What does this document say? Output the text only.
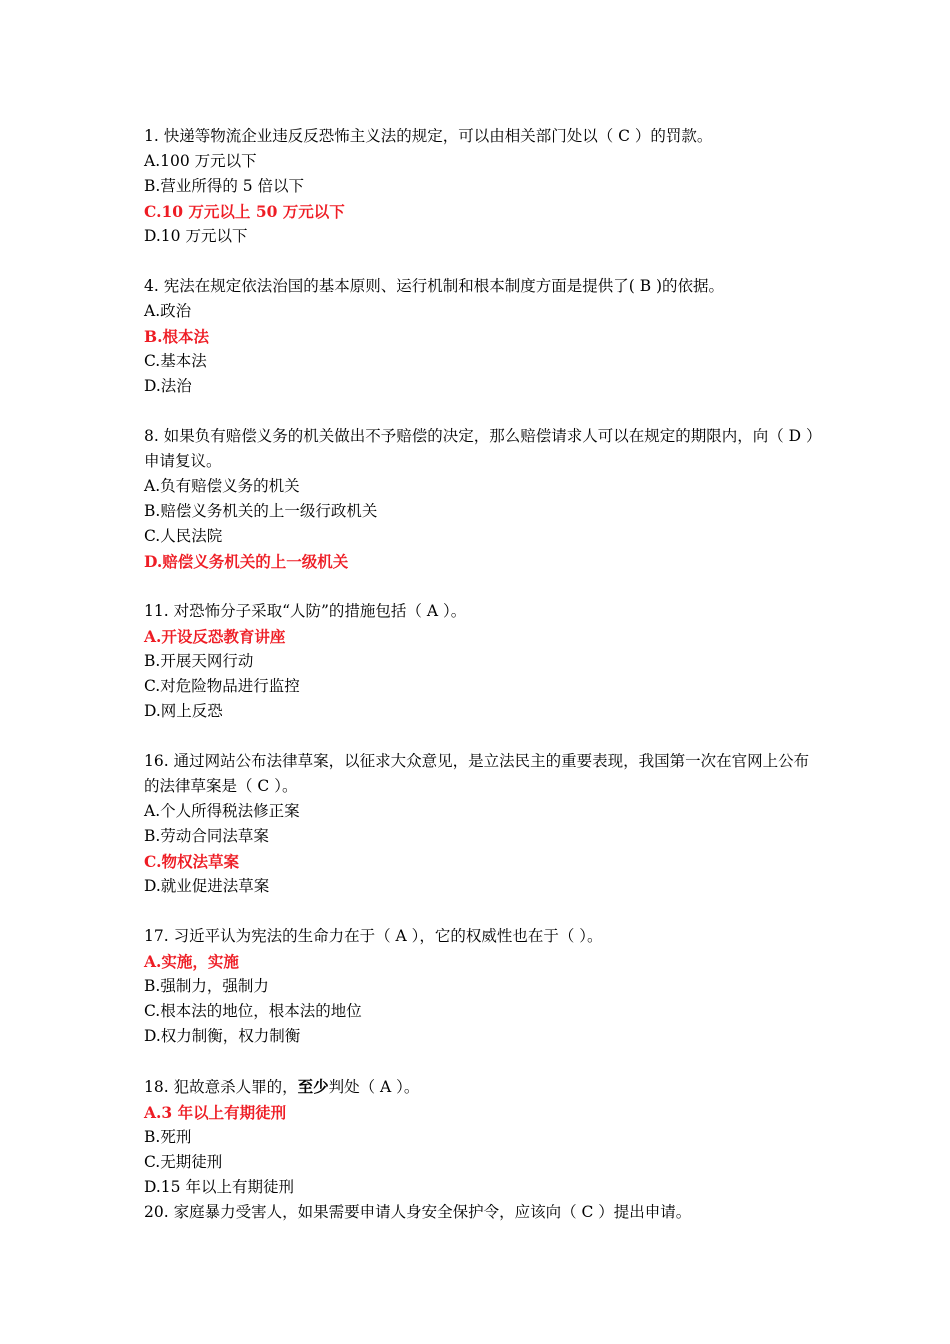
1. 快递等物流企业违反反恐怖主义法的规定，可以由相关部门处以（ C ）的罚款。
A.100 万元以下
B.营业所得的 5 倍以下
C.10 万元以上 50 万元以下
D.10 万元以下
4. 宪法在规定依法治国的基本原则、运行机制和根本制度方面是提供了( B )的依据。
A.政治
B.根本法
C.基本法
D.法治
8. 如果负有赔偿义务的机关做出不予赔偿的决定，那么赔偿请求人可以在规定的期限内，向（ D ）申请复议。
A.负有赔偿义务的机关
B.赔偿义务机关的上一级行政机关
C.人民法院
D.赔偿义务机关的上一级机关
11. 对恐怖分子采取“人防”的措施包括（ A ）。
A.开设反恐教育讲座
B.开展天网行动
C.对危险物品进行监控
D.网上反恐
16. 通过网站公布法律草案，以征求大众意见，是立法民主的重要表现，我国第一次在官网上公布的法律草案是（ C ）。
A.个人所得税法修正案
B.劳动合同法草案
C.物权法草案
D.就业促进法草案
17. 习近平认为宪法的生命力在于（ A ），它的权威性也在于（ ）。
A.实施，实施
B.强制力，强制力
C.根本法的地位，根本法的地位
D.权力制衡，权力制衡
18. 犯故意杀人罪的，至少判处（ A ）。
A.3 年以上有期徒刑
B.死刑
C.无期徒刑
D.15 年以上有期徒刑
20. 家庭暴力受害人，如果需要申请人身安全保护令，应该向（ C ）提出申请。
